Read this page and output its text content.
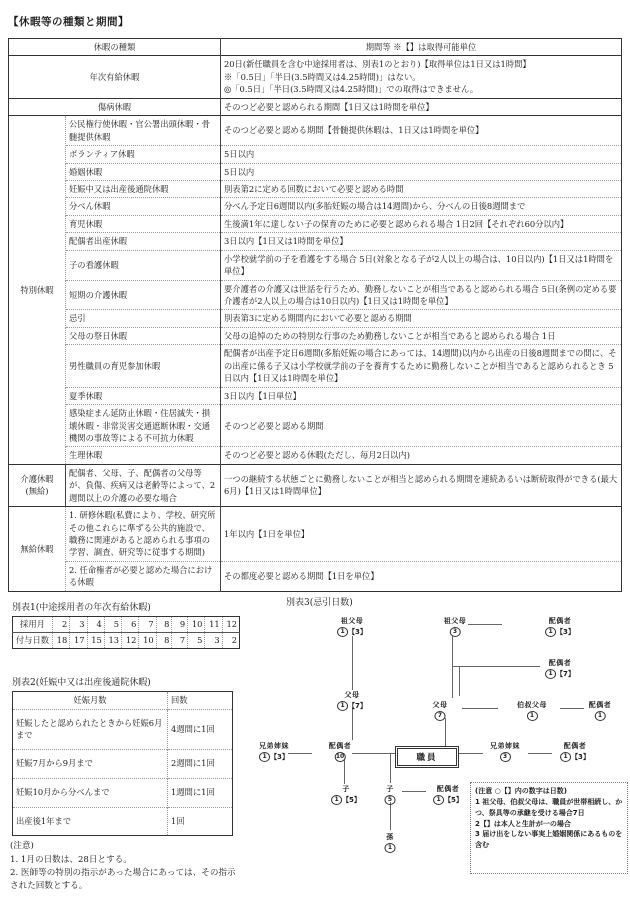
【休暇等の種類と期間】
休暇の種類		期間等 ※【】は取得可能単位
年次有給休暇		20日(新任職員を含む中途採用者は、別表1のとおり)【取得単位は1日又は1時間】
※「0.5日」「半日(3.5時間又は4.25時間)」はない。
◎「0.5日」「半日(3.5時間又は4.25時間)」での取得はできません。

傷病休暇		そのつど必要と認められる期間【1日又は1時間を単位】

特別休暇	公民権行使休暇・官公署出頭休暇・骨髄提供休暇	そのつど必要と認める期間【骨髄提供休暇は、1日又は1時間を単位】
	ボランティア休暇	5日以内
	婚姻休暇	5日以内
	妊娠中又は出産後通院休暇	別表第2に定める回数において必要と認める時間
	分べん休暇	分べん予定日6週間以内(多胎妊娠の場合は14週間)から、分べんの日後8週間まで
	育児休暇	生後満1年に達しない子の保育のために必要と認められる場合 1日2回【それぞれ60分以内】
	配偶者出産休暇	3日以内【1日又は1時間を単位】
	子の看護休暇	小学校就学前の子を看護をする場合 5日(対象となる子が2人以上の場合は、10日以内)【1日又は1時間を単位】
	短期の介護休暇	要介護者の介護又は世話を行うため、勤務しないことが相当であると認められる場合 5日(条例の定める要介護者が2人以上の場合は10日以内)【1日又は1時間を単位】
	忌引	別表第3に定める期間内において必要と認める期間
	父母の祭日休暇	父母の追悼のための特別な行事のため勤務しないことが相当であると認められる場合 1日
	男性職員の育児参加休暇	配偶者が出産予定日6週間(多胎妊娠の場合にあっては、14週間)以内から出産の日後8週間までの間に、その出産に係る子又は小学校就学前の子を養育するために勤務しないことが相当であると認められるとき 5日以内【1日又は1時間を単位】
	夏季休暇	3日以内【1日単位】
	感染症まん延防止休暇・住居滅失・損壊休暇・非常災害交通遮断休暇・交通機関の事故等による不可抗力休暇	そのつど必要と認める期間
	生理休暇	そのつど必要と認める休暇(ただし、毎月2日以内)

介護休暇
(無給)	配偶者、父母、子、配偶者の父母等が、負傷、疾病又は老齢等によって、2週間以上の介護の必要な場合	一つの継続する状態ごとに勤務しないことが相当と認められる期間を連続あるいは断続取得ができる(最大6月)【1日又は1時間単位】
無給休暇	1. 研修休暇(私費により、学校、研究所その他これらに準ずる公共的施設で、職務に関連があると認められる事項の学習、調査、研究等に従事する期間)	1年以内【1日を単位】
	2. 任命権者が必要と認めた場合における休暇	その都度必要と認める期間【1日を単位】
別表1(中途採用者の年次有給休暇)
採用月	2	3	4	5	6	7	8	9	10	11	12
付与日数	18	17	15	13	12	10	8	7	5	3	2
別表2(妊娠中又は出産後通院休暇)
妊娠月数	回数
妊娠したと認められたときから妊娠6月まで	4週間に1回
妊娠7月から9月まで	2週間に1回
妊娠10月から分べんまで	1週間に1回
出産後1年まで	1回
(注意)
1. 1月の日数は、28日とする。
2. 医師等の特別の指示があった場合にあっては、その指示された回数とする。
別表3(忌引日数)
祖父母
1 【3】
祖父母
3
配偶者
1 【3】
配偶者
1 【7】
父母
1 【7】	父母
7
伯叔父母
1
配偶者
1
兄弟姉妹
1 【3】
配偶者
10
兄弟姉妹
3
配偶者
1 【3】
子
1 【5】
子
5
配偶者
1 【5】
孫
1
職員
(注意 ○【】内の数字は日数)
1 祖父母、伯叔父母は、職員が世帯相続し、かつ、祭具等の承継を受ける場合7日
2【】は本人と生計が一の場合
3 届け出をしない事実上婚姻関係にあるものを含む
